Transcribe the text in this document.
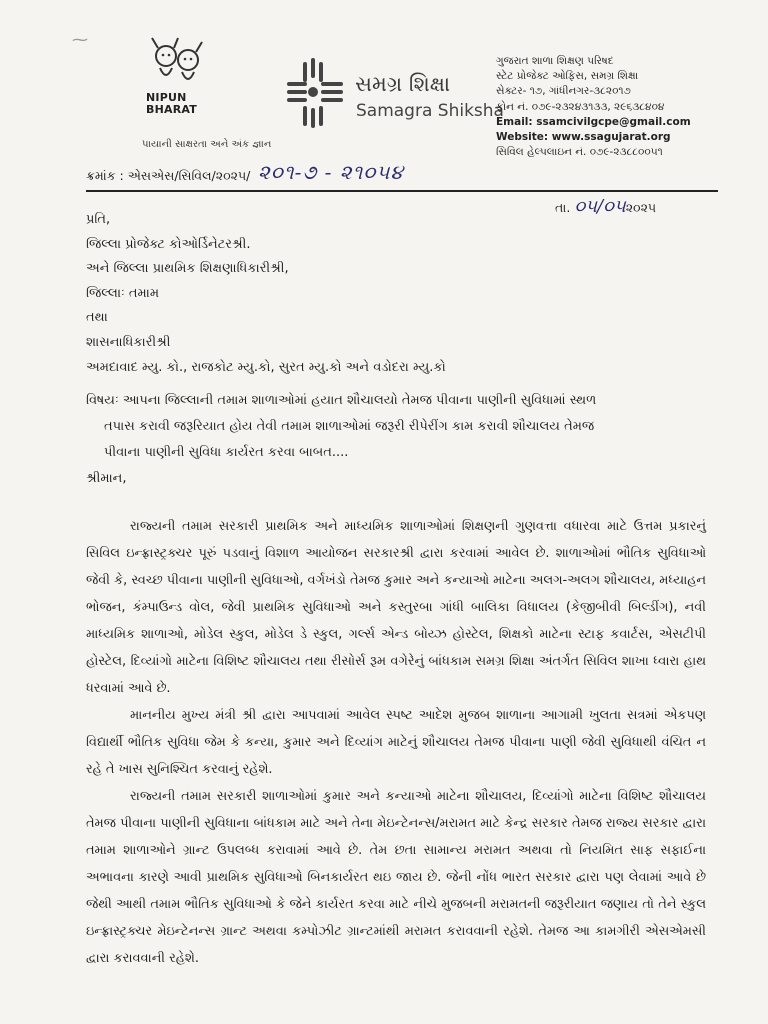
⁓
NIPUN
BHARAT
પાયાની સાક્ષરતા અને અંક જ્ઞાન
સમગ્ર શિક્ષા
Samagra Shiksha
ગુજરાત શાળા શિક્ષણ પરિષદ
સ્ટેટ પ્રોજેક્ટ ઓફિસ, સમગ્ર શિક્ષા
સેક્ટર- ૧૭, ગાંધીનગર-૩૮૨૦૧૭
ફોન નં. ૦૭૯-૨૩૨૪૩૧૩૩, ૨૯૬૩૮૪૦૪
Email: ssamcivilgcpe@gmail.com
Website: www.ssagujarat.org
સિવિલ હેલ્પલાઇન નં. ૦૭૯-૨૩૮૮૦૦૫૧
ક્રમાંક : એસએસ/સિવિલ/૨૦૨૫/ ૨૦૧-૭ - ૨૧૦૫૪
તા. ૦૫/૦૫૨૦૨૫
પ્રતિ,
જિલ્લા પ્રોજેક્ટ કોઓર્ડિનેટરશ્રી.
અને જિલ્લા પ્રાથમિક શિક્ષણાધિકારીશ્રી,
જિલ્લાઃ તમામ
તથા
શાસનાધિકારીશ્રી
અમદાવાદ મ્યુ. કો., રાજકોટ મ્યુ.કો, સુરત મ્યુ.કો અને વડોદરા મ્યુ.કો
વિષયઃ આપના જિલ્લાની તમામ શાળાઓમાં હયાત શૌચાલયો તેમજ પીવાના પાણીની સુવિધામાં સ્થળ
તપાસ કરાવી જરૂરિયાત હોય તેવી તમામ શાળાઓમાં જરૂરી રીપેરીંગ કામ કરાવી શૌચાલય તેમજ
પીવાના પાણીની સુવિધા કાર્યરત કરવા બાબત....
શ્રીમાન,

રાજ્યની તમામ સરકારી પ્રાથમિક અને માધ્યમિક શાળાઓમાં શિક્ષણની ગુણવત્તા વધારવા માટે ઉત્તમ પ્રકારનું સિવિલ ઇન્ફ્રાસ્ટ્રક્ચર પૂરું પડવાનું વિશાળ આયોજન સરકારશ્રી દ્વારા કરવામાં આવેલ છે. શાળાઓમાં ભૌતિક સુવિધાઓ જેવી કે, સ્વચ્છ પીવાના પાણીની સુવિધાઓ, વર્ગખંડો તેમજ કુમાર અને કન્યાઓ માટેના અલગ-અલગ શૌચાલય, મધ્યાહન ભોજન, કંમ્પાઉન્ડ વોલ, જેવી પ્રાથમિક સુવિધાઓ અને કસ્તુરબા ગાંધી બાલિકા વિધાલય (કેજીબીવી બિલ્ડીંગ), નવી માધ્યમિક શાળાઓ, મોડેલ સ્કુલ, મોડેલ ડે સ્કુલ, ગર્લ્સ એન્ડ બોય્ઝ હોસ્ટેલ, શિક્ષકો માટેના સ્ટાફ કવાર્ટસ, એસટીપી હોસ્ટેલ, દિવ્યાંગો માટેના વિશિષ્ટ શૌચાલય તથા રીસોર્સ રૂમ વગેરેનું બાંધકામ સમગ્ર શિક્ષા અંતર્ગત સિવિલ શાખા ધ્વારા હાથ ધરવામાં આવે છે.

માનનીય મુખ્ય મંત્રી શ્રી દ્વારા આપવામાં આવેલ સ્પષ્ટ આદેશ મુજબ શાળાના આગામી ખુલતા સત્રમાં એકપણ વિદ્યાર્થી ભૌતિક સુવિધા જેમ કે કન્યા, કુમાર અને દિવ્યાંગ માટેનું શૌચાલય તેમજ પીવાના પાણી જેવી સુવિધાથી વંચિત ન રહે તે ખાસ સુનિશ્ચિત કરવાનું રહેશે.

રાજ્યની તમામ સરકારી શાળાઓમાં કુમાર અને કન્યાઓ માટેના શૌચાલય, દિવ્યાંગો માટેના વિશિષ્ટ શૌચાલય તેમજ પીવાના પાણીની સુવિધાના બાંધકામ માટે અને તેના મેઇન્ટેનન્સ/મરામત માટે કેન્દ્ર સરકાર તેમજ રાજ્ય સરકાર દ્વારા તમામ શાળાઓને ગ્રાન્ટ ઉપલબ્ધ કરાવામાં આવે છે. તેમ છતા સામાન્ય મરામત અથવા તો નિયમિત સાફ સફાઈના અભાવના કારણે આવી પ્રાથમિક સુવિધાઓ બિનકાર્યરત થઇ જાય છે. જેની નોંધ ભારત સરકાર દ્વારા પણ લેવામાં આવે છે જેથી આથી તમામ ભૌતિક સુવિધાઓ કે જેને કાર્યરત કરવા માટે નીચે મુજબની મરામતની જરૂરીયાત જણાય તો તેને સ્કુલ ઇન્ફ્રાસ્ટ્રક્ચર મેઇન્ટેનન્સ ગ્રાન્ટ અથવા કમ્પોઝીટ ગ્રાન્ટમાંથી મરામત કરાવવાની રહેશે. તેમજ આ કામગીરી એસએમસી દ્વારા કરાવવાની રહેશે.
